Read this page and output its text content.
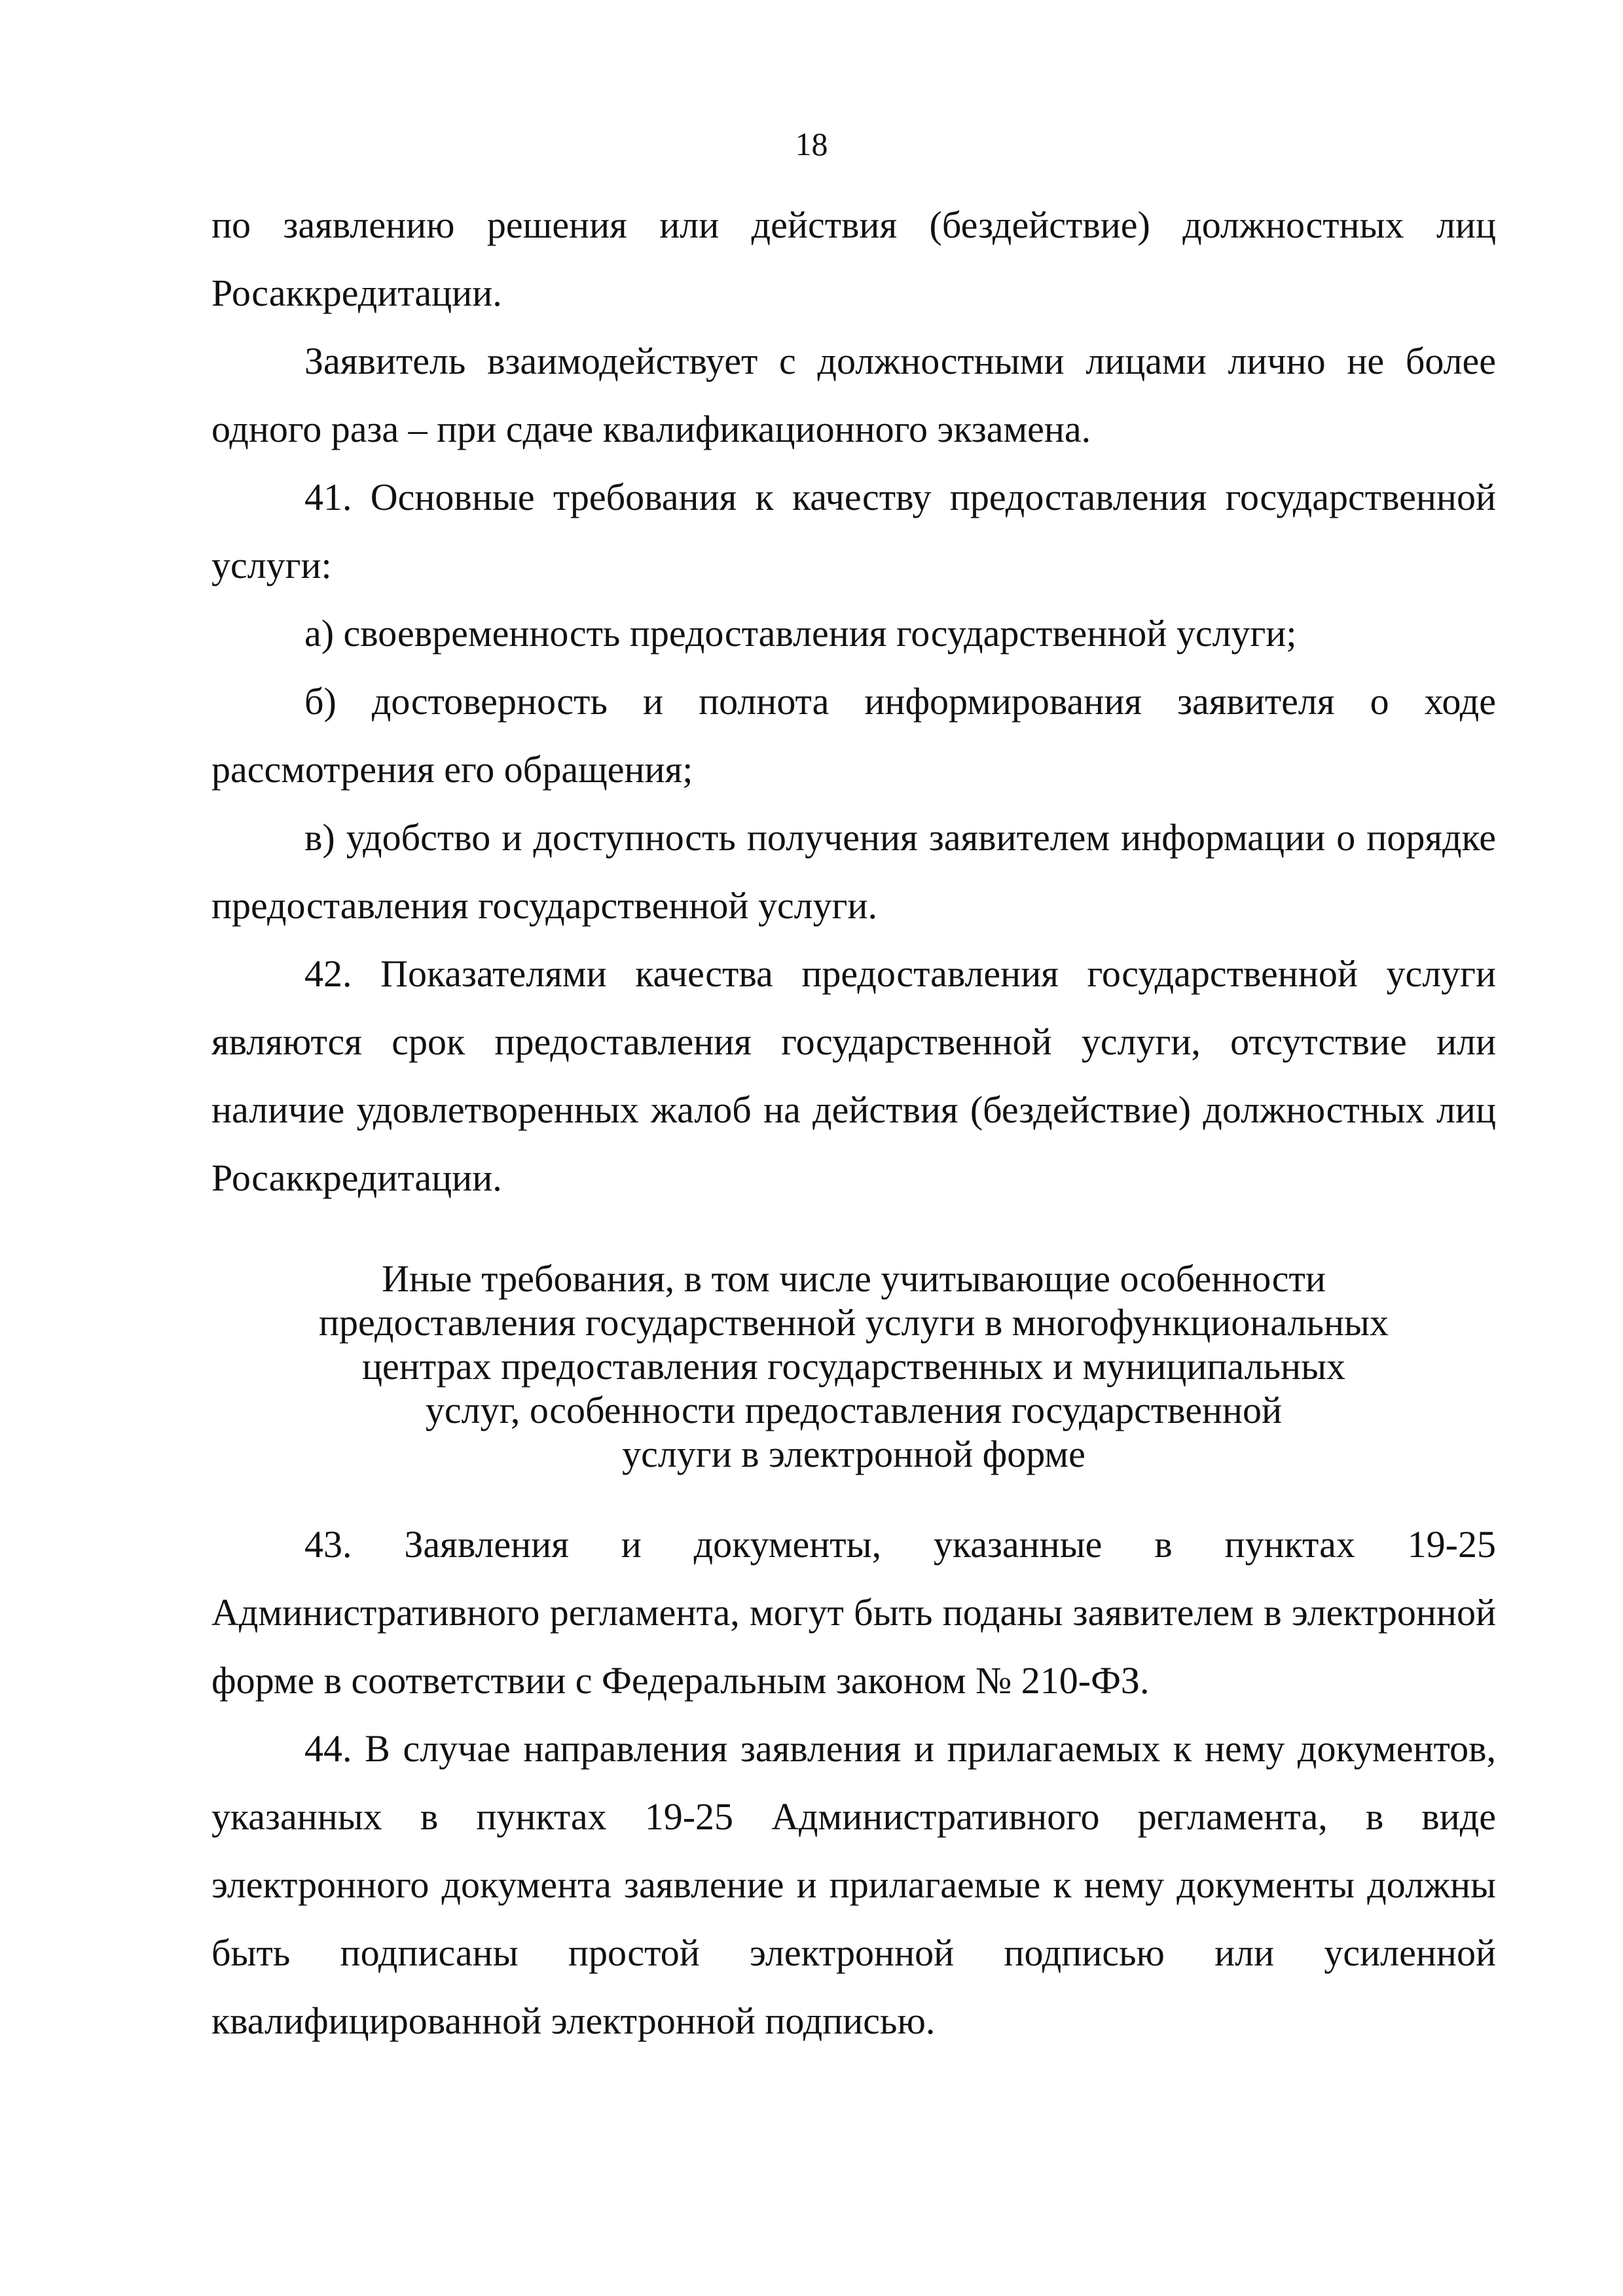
18

по заявлению решения или действия (бездействие) должностных лиц Росаккредитации.

Заявитель взаимодействует с должностными лицами лично не более одного раза – при сдаче квалификационного экзамена.

41. Основные требования к качеству предоставления государственной услуги:

а) своевременность предоставления государственной услуги;

б) достоверность и полнота информирования заявителя о ходе рассмотрения его обращения;

в) удобство и доступность получения заявителем информации о порядке предоставления государственной услуги.

42. Показателями качества предоставления государственной услуги являются срок предоставления государственной услуги, отсутствие или наличие удовлетворенных жалоб на действия (бездействие) должностных лиц Росаккредитации.

Иные требования, в том числе учитывающие особенности
предоставления государственной услуги в многофункциональных
центрах предоставления государственных и муниципальных
услуг, особенности предоставления государственной
услуги в электронной форме

43. Заявления и документы, указанные в пунктах 19-25 Административного регламента, могут быть поданы заявителем в электронной форме в соответствии с Федеральным законом № 210-ФЗ.

44. В случае направления заявления и прилагаемых к нему документов, указанных в пунктах 19-25 Административного регламента, в виде электронного документа заявление и прилагаемые к нему документы должны быть подписаны простой электронной подписью или усиленной квалифицированной электронной подписью.
